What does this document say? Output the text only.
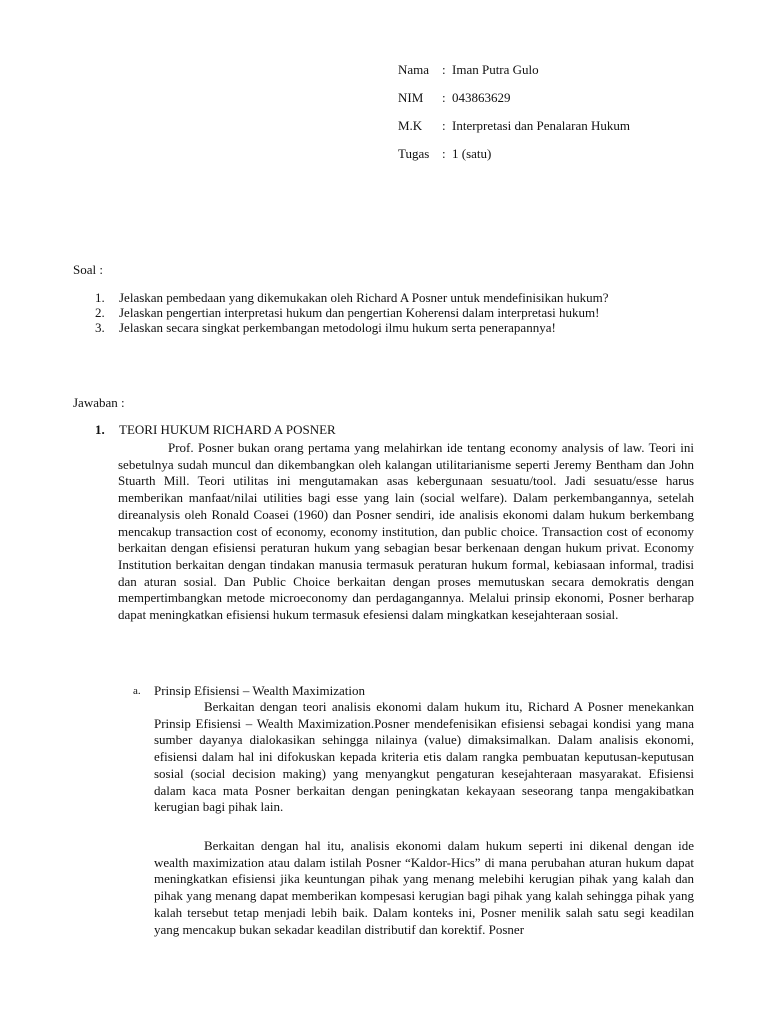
Nama : Iman Putra Gulo
NIM	: 043863629
M.K	: Interpretasi dan Penalaran Hukum
Tugas : 1 (satu)
Soal :
1.	Jelaskan pembedaan yang dikemukakan oleh Richard A Posner untuk mendefinisikan hukum?
2.	Jelaskan pengertian interpretasi hukum dan pengertian Koherensi dalam interpretasi hukum!
3.	Jelaskan secara singkat perkembangan metodologi ilmu hukum serta penerapannya!
Jawaban :
1.	TEORI HUKUM RICHARD A POSNER

Prof. Posner bukan orang pertama yang melahirkan ide tentang economy analysis of law. Teori ini sebetulnya sudah muncul dan dikembangkan oleh kalangan utilitarianisme seperti Jeremy Bentham dan John Stuarth Mill. Teori utilitas ini mengutamakan asas kebergunaan sesuatu/tool. Jadi sesuatu/esse harus memberikan manfaat/nilai utilities bagi esse yang lain (social welfare). Dalam perkembangannya, setelah direanalysis oleh Ronald Coasei (1960) dan Posner sendiri, ide analisis ekonomi dalam hukum berkembang mencakup transaction cost of economy, economy institution, dan public choice. Transaction cost of economy berkaitan dengan efisiensi peraturan hukum yang sebagian besar berkenaan dengan hukum privat. Economy Institution berkaitan dengan tindakan manusia termasuk peraturan hukum formal, kebiasaan informal, tradisi dan aturan sosial. Dan Public Choice berkaitan dengan proses memutuskan secara demokratis dengan mempertimbangkan metode microeconomy dan perdagangannya. Melalui prinsip ekonomi, Posner berharap dapat meningkatkan efisiensi hukum termasuk efesiensi dalam mingkatkan kesejahteraan sosial.

a.	Prinsip Efisiensi – Wealth Maximization

Berkaitan dengan teori analisis ekonomi dalam hukum itu, Richard A Posner menekankan Prinsip Efisiensi – Wealth Maximization.Posner mendefenisikan efisiensi sebagai kondisi yang mana sumber dayanya dialokasikan sehingga nilainya (value) dimaksimalkan. Dalam analisis ekonomi, efisiensi dalam hal ini difokuskan kepada kriteria etis dalam rangka pembuatan keputusan-keputusan sosial (social decision making) yang menyangkut pengaturan kesejahteraan masyarakat. Efisiensi dalam kaca mata Posner berkaitan dengan peningkatan kekayaan seseorang tanpa mengakibatkan kerugian bagi pihak lain.

Berkaitan dengan hal itu, analisis ekonomi dalam hukum seperti ini dikenal dengan ide wealth maximization atau dalam istilah Posner “Kaldor-Hics” di mana perubahan aturan hukum dapat meningkatkan efisiensi jika keuntungan pihak yang menang melebihi kerugian pihak yang kalah dan pihak yang menang dapat memberikan kompesasi kerugian bagi pihak yang kalah sehingga pihak yang kalah tersebut tetap menjadi lebih baik. Dalam konteks ini, Posner menilik salah satu segi keadilan yang mencakup bukan sekadar keadilan distributif dan korektif. Posner
